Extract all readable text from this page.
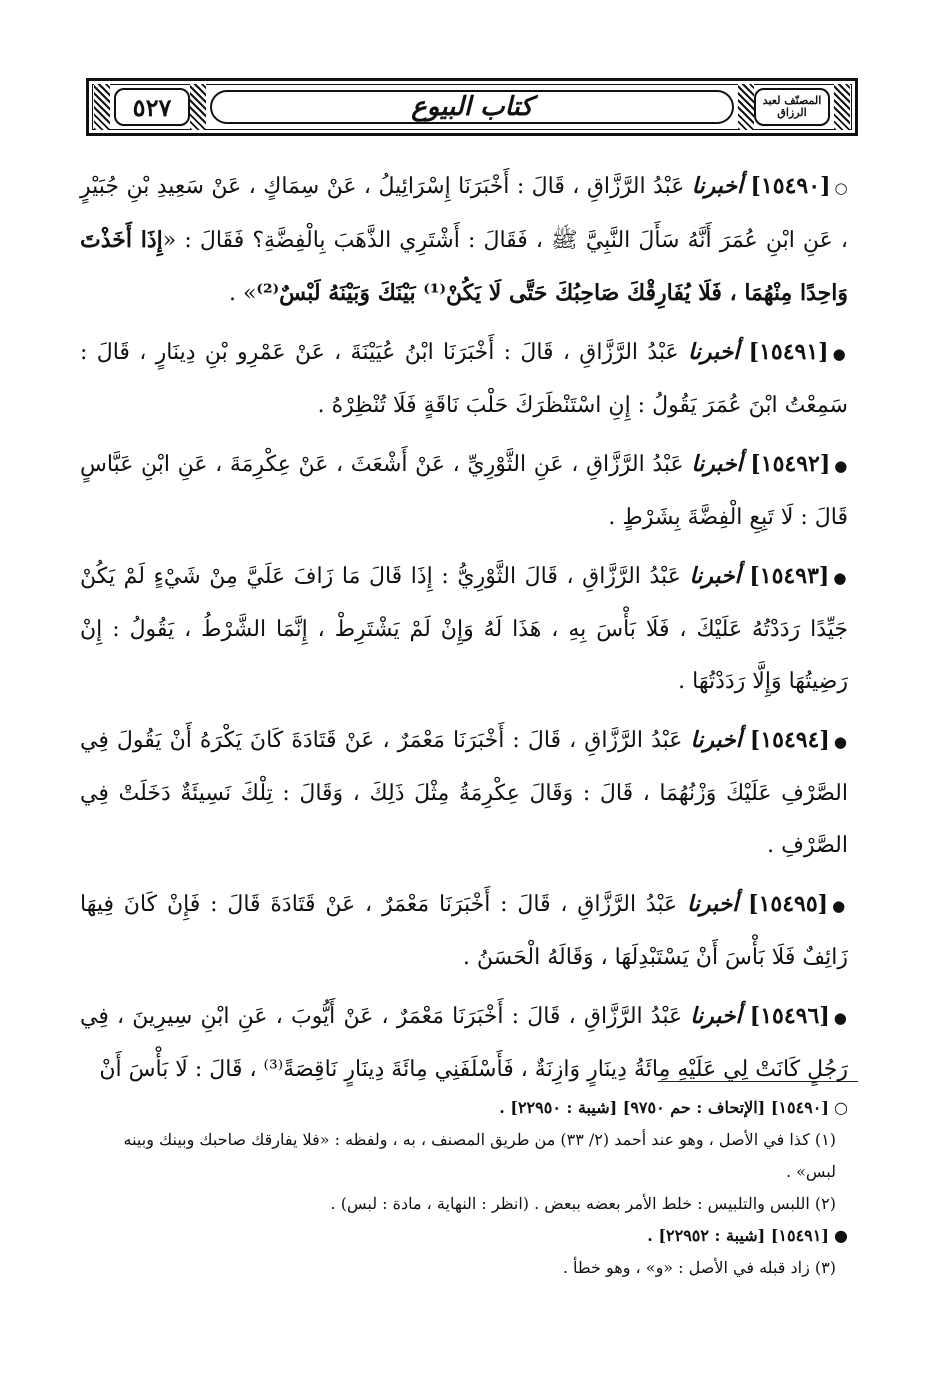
٥٢٧	كتاب البيوع	المصنّف لعبد الرزاق
○[١٥٤٩٠] أخبرنا عَبْدُ الرَّزَّاقِ ، قَالَ : أَخْبَرَنَا إِسْرَائِيلُ ، عَنْ سِمَاكٍ ، عَنْ سَعِيدِ بْنِ جُبَيْرٍ ، عَنِ ابْنِ عُمَرَ أَنَّهُ سَأَلَ النَّبِيَّ ﷺ ، فَقَالَ : أَشْتَرِي الذَّهَبَ بِالْفِضَّةِ؟ فَقَالَ : «إِذَا أَخَذْتَ وَاحِدًا مِنْهُمَا ، فَلَا يُفَارِقْكَ صَاحِبُكَ حَتَّى لَا يَكُنْ⁽¹⁾ بَيْنَكَ وَبَيْنَهُ لَبْسٌ⁽²⁾» .
●[١٥٤٩١] أخبرنا عَبْدُ الرَّزَّاقِ ، قَالَ : أَخْبَرَنَا ابْنُ عُيَيْنَةَ ، عَنْ عَمْرِو بْنِ دِينَارٍ ، قَالَ : سَمِعْتُ ابْنَ عُمَرَ يَقُولُ : إِنِ اسْتَنْظَرَكَ حَلْبَ نَاقَةٍ فَلَا تُنْظِرْهُ .
●[١٥٤٩٢] أخبرنا عَبْدُ الرَّزَّاقِ ، عَنِ الثَّوْرِيِّ ، عَنْ أَشْعَثَ ، عَنْ عِكْرِمَةَ ، عَنِ ابْنِ عَبَّاسٍ قَالَ : لَا تَبِعِ الْفِضَّةَ بِشَرْطٍ .
●[١٥٤٩٣] أخبرنا عَبْدُ الرَّزَّاقِ ، قَالَ الثَّوْرِيُّ : إِذَا قَالَ مَا زَافَ عَلَيَّ مِنْ شَيْءٍ لَمْ يَكُنْ جَيِّدًا رَدَدْتُهُ عَلَيْكَ ، فَلَا بَأْسَ بِهِ ، هَذَا لَهُ وَإِنْ لَمْ يَشْتَرِطْ ، إِنَّمَا الشَّرْطُ ، يَقُولُ : إِنْ رَضِيتُهَا وَإِلَّا رَدَدْتُهَا .
●[١٥٤٩٤] أخبرنا عَبْدُ الرَّزَّاقِ ، قَالَ : أَخْبَرَنَا مَعْمَرٌ ، عَنْ قَتَادَةَ كَانَ يَكْرَهُ أَنْ يَقُولَ فِي الصَّرْفِ عَلَيْكَ وَزْنُهُمَا ، قَالَ : وَقَالَ عِكْرِمَةُ مِثْلَ ذَلِكَ ، وَقَالَ : تِلْكَ نَسِيئَةٌ دَخَلَتْ فِي الصَّرْفِ .
●[١٥٤٩٥] أخبرنا عَبْدُ الرَّزَّاقِ ، قَالَ : أَخْبَرَنَا مَعْمَرٌ ، عَنْ قَتَادَةَ قَالَ : فَإِنْ كَانَ فِيهَا زَائِفٌ فَلَا بَأْسَ أَنْ يَسْتَبْدِلَهَا ، وَقَالَهُ الْحَسَنُ .
●[١٥٤٩٦] أخبرنا عَبْدُ الرَّزَّاقِ ، قَالَ : أَخْبَرَنَا مَعْمَرٌ ، عَنْ أَيُّوبَ ، عَنِ ابْنِ سِيرِينَ ، فِي رَجُلٍ كَانَتْ لِي عَلَيْهِ مِائَةُ دِينَارٍ وَازِنَةٌ ، فَأَسْلَفَنِي مِائَةَ دِينَارٍ نَاقِصَةً⁽³⁾ ، قَالَ : لَا بَأْسَ أَنْ
○ [١٥٤٩٠] [الإتحاف : حم ٩٧٥٠] [شيبة : ٢٢٩٥٠] .
(١) كذا في الأصل ، وهو عند أحمد (٢/ ٣٣) من طريق المصنف ، به ، ولفظه : «فلا يفارقك صاحبك وبينك وبينه لبس» .
(٢) اللبس والتلبيس : خلط الأمر بعضه ببعض . (انظر : النهاية ، مادة : لبس) .
● [١٥٤٩١] [شيبة : ٢٢٩٥٢] .
(٣) زاد قبله في الأصل : «و» ، وهو خطأ .
